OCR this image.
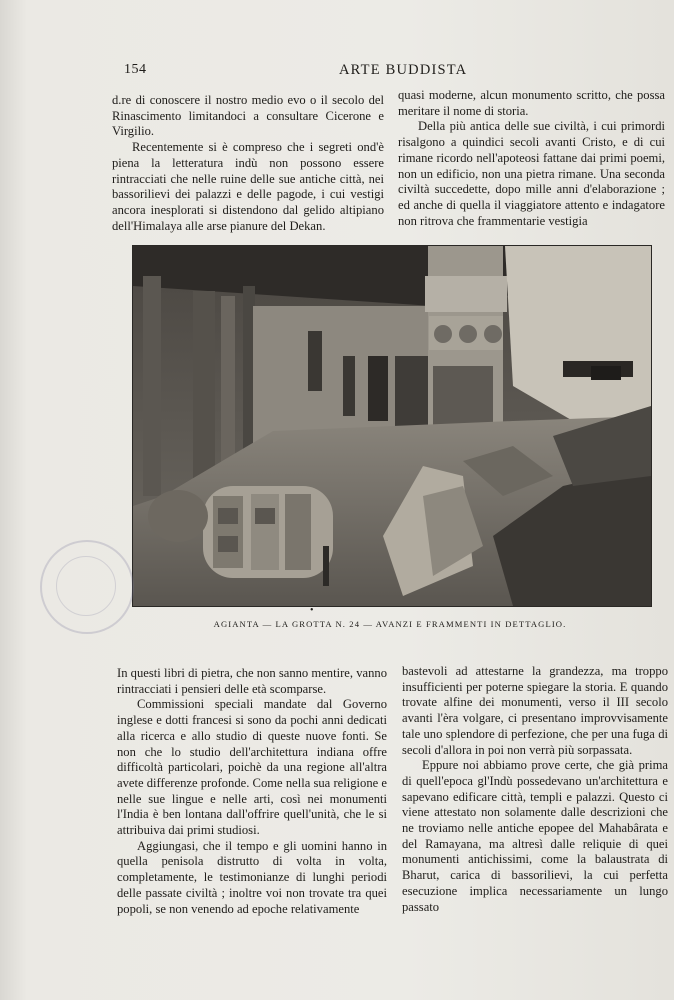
154	ARTE BUDDISTA

d.re di conoscere il nostro medio evo o il secolo del Rinascimento limitandoci a consultare Cicerone e Virgilio.

Recentemente si è compreso che i segreti ond'è piena la letteratura indù non possono essere rintracciati che nelle ruine delle sue antiche città, nei bassorilievi dei palazzi e delle pagode, i cui vestigi ancora inesplorati si distendono dal gelido altipiano dell'Himalaya alle arse pianure del Dekan.

quasi moderne, alcun monumento scritto, che possa meritare il nome di storia.

Della più antica delle sue civiltà, i cui primordi risalgono a quindici secoli avanti Cristo, e di cui rimane ricordo nell'apoteosi fattane dai primi poemi, non un edificio, non una pietra rimane. Una seconda civiltà succedette, dopo mille anni d'elaborazione ; ed anche di quella il viaggiatore attento e indagatore non ritrova che frammentarie vestigia

•
AGIANTA — LA GROTTA N. 24 — AVANZI E FRAMMENTI IN DETTAGLIO.

In questi libri di pietra, che non sanno mentire, vanno rintracciati i pensieri delle età scomparse.

Commissioni speciali mandate dal Governo inglese e dotti francesi si sono da pochi anni dedicati alla ricerca e allo studio di queste nuove fonti. Se non che lo studio dell'architettura indiana offre difficoltà particolari, poichè da una regione all'altra avete differenze profonde. Come nella sua religione e nelle sue lingue e nelle arti, così nei monumenti l'India è ben lontana dall'offrire quell'unità, che le si attribuiva dai primi studiosi.

Aggiungasi, che il tempo e gli uomini hanno in quella penisola distrutto di volta in volta, completamente, le testimonianze di lunghi periodi delle passate civiltà ; inoltre voi non trovate tra quei popoli, se non venendo ad epoche relativamente

bastevoli ad attestarne la grandezza, ma troppo insufficienti per poterne spiegare la storia. E quando trovate alfine dei monumenti, verso il III secolo avanti l'èra volgare, ci presentano improvvisamente tale uno splendore di perfezione, che per una fuga di secoli d'allora in poi non verrà più sorpassata.

Eppure noi abbiamo prove certe, che già prima di quell'epoca gl'Indù possedevano un'architettura e sapevano edificare città, templi e palazzi. Questo ci viene attestato non solamente dalle descrizioni che ne troviamo nelle antiche epopee del Mahabârata e del Ramayana, ma altresì dalle reliquie di quei monumenti antichissimi, come la balaustrata di Bharut, carica di bassorilievi, la cui perfetta esecuzione implica necessariamente un lungo passato
